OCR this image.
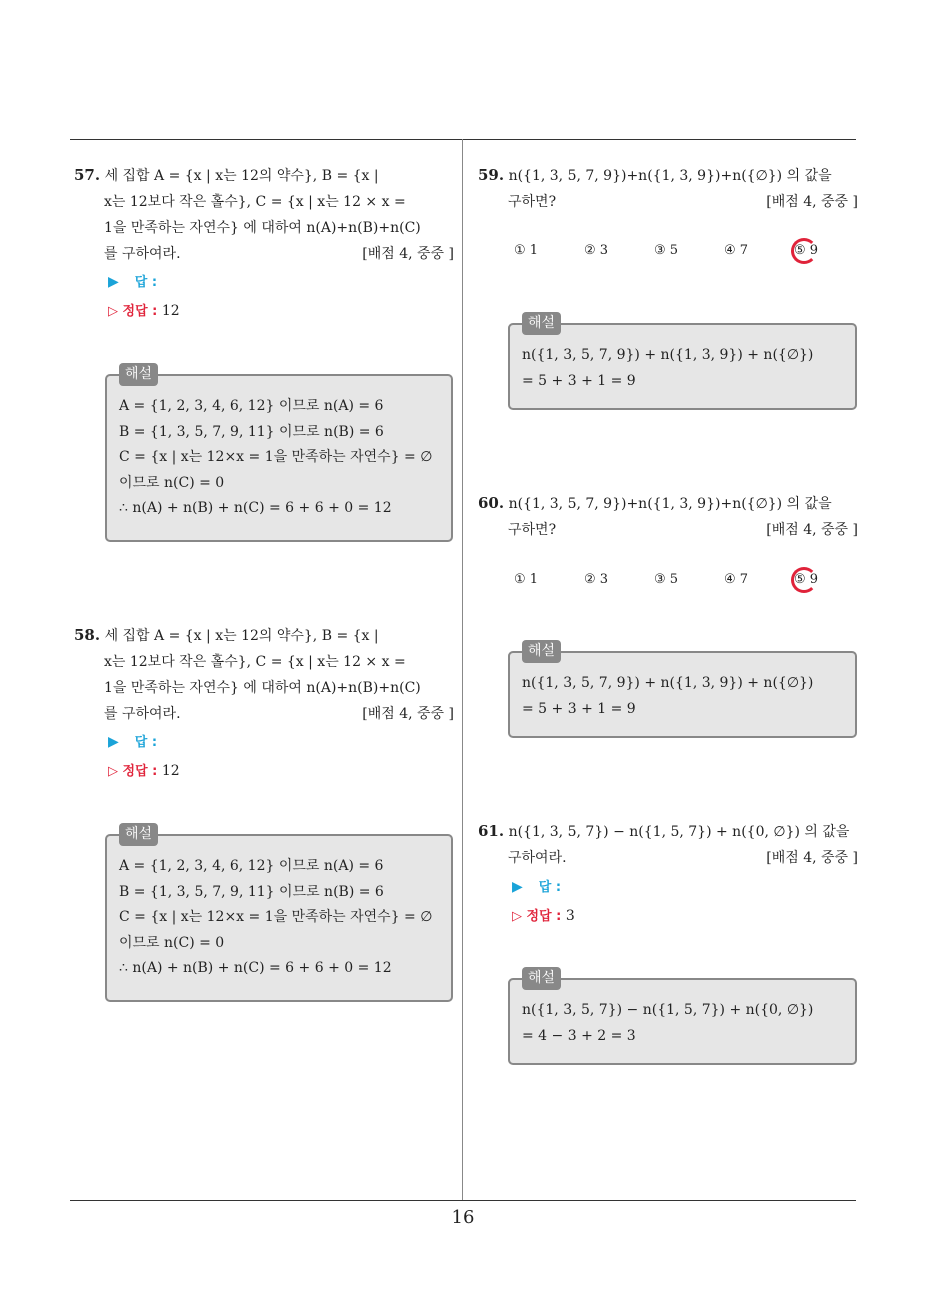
57. 세 집합 A = {x | x는 12의 약수}, B = {x |
x는 12보다 작은 홀수}, C = {x | x는 12 × x =
1을 만족하는 자연수} 에 대하여 n(A)+n(B)+n(C)
를 구하여라.	[배점 4, 중중 ]
▶ 답 :
▷ 정답 : 12
해설
A = {1, 2, 3, 4, 6, 12} 이므로 n(A) = 6
B = {1, 3, 5, 7, 9, 11} 이므로 n(B) = 6
C = {x | x는 12×x = 1을 만족하는 자연수} = ∅
이므로 n(C) = 0
∴ n(A) + n(B) + n(C) = 6 + 6 + 0 = 12
58. 세 집합 A = {x | x는 12의 약수}, B = {x |
x는 12보다 작은 홀수}, C = {x | x는 12 × x =
1을 만족하는 자연수} 에 대하여 n(A)+n(B)+n(C)
를 구하여라.	[배점 4, 중중 ]
▶ 답 :
▷ 정답 : 12
해설
A = {1, 2, 3, 4, 6, 12} 이므로 n(A) = 6
B = {1, 3, 5, 7, 9, 11} 이므로 n(B) = 6
C = {x | x는 12×x = 1을 만족하는 자연수} = ∅
이므로 n(C) = 0
∴ n(A) + n(B) + n(C) = 6 + 6 + 0 = 12
59. n({1, 3, 5, 7, 9})+n({1, 3, 9})+n({∅}) 의 값을
구하면?	[배점 4, 중중 ]
① 1	② 3	③ 5	④ 7	⑤ 9
해설
n({1, 3, 5, 7, 9}) + n({1, 3, 9}) + n({∅})
= 5 + 3 + 1 = 9
60. n({1, 3, 5, 7, 9})+n({1, 3, 9})+n({∅}) 의 값을
구하면?	[배점 4, 중중 ]
① 1	② 3	③ 5	④ 7	⑤ 9
해설
n({1, 3, 5, 7, 9}) + n({1, 3, 9}) + n({∅})
= 5 + 3 + 1 = 9
61. n({1, 3, 5, 7}) − n({1, 5, 7}) + n({0, ∅}) 의 값을
구하여라.	[배점 4, 중중 ]
▶ 답 :
▷ 정답 : 3
해설
n({1, 3, 5, 7}) − n({1, 5, 7}) + n({0, ∅})
= 4 − 3 + 2 = 3
16
